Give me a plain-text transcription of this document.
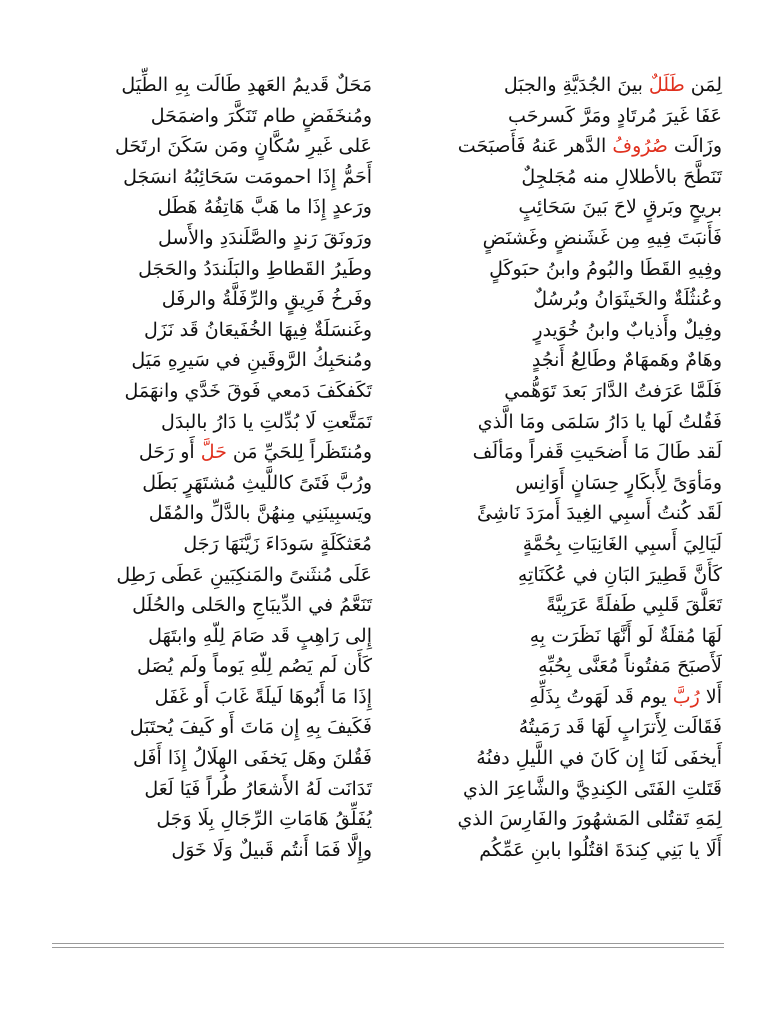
لِمَن طَلَلٌ بينَ الجُدَيَّةِ والجبَل
مَحَلٌ قَديمُ العَهدِ طَالَت بِهِ الطِّيَل
عَفَا غَيرَ مُرتَادٍ ومَرَّ كَسرحَب
ومُنخَفَضٍ طام تَنَكَّرَ واضمَحَل
وزَالَت صُرُوفُ الدَّهر عَنهُ فَأَصبَحَت
عَلى غَيرِ سُكَّانٍ ومَن سَكَنَ ارتَحَل
تَنَطَّحَ بالأطلالِ منه مُجَلجِلٌ
أَحَمُّ إِذَا احمومَت سَحَائِبُهُ انسَجَل
بريحٍ وبَرقٍ لاحَ بَينَ سَحَائِبٍ
ورَعدٍ إِذَا ما هَبَّ هَاتِفُهُ هَطَل
فَأَنبَتَ فِيهِ مِن غَشَنضٍ وغَشنَضٍ
ورَونَقَ رَندٍ والصَّلَندَدِ والأَسل
وفِيهِ القَطَا والبُومُ وابنُ حبَوكَلٍ
وطَيرُ القَطاطِ والبَلَندَدُ والحَجَل
وعُنثُلَةٌ والخَيثَوَانُ وبُرسُلٌ
وفَرخُ فَرِيقٍ والرِّفَلَّةُ والرفَل
وفِيلٌ وأَذيابٌ وابنُ خُوَيدرٍ
وغَنسَلَةٌ فِيهَا الخُفَيعَانُ قَد نَزَل
وهَامٌ وهَمهَامٌ وطَالِعُ أَنجُدٍ
ومُنحَبِكُ الرَّوقَينِ في سَيرِهِ مَيَل
فَلَمَّا عَرَفتُ الدَّارَ بَعدَ تَوَهُّمي
تَكَفكَفَ دَمعي فَوقَ خَدَّي وانهَمَل
فَقُلتُ لَها يا دَارُ سَلمَى ومَا الَّذي
تَمَتَّعتِ لَا بُدِّلتِ يا دَارُ بالبدَل
لَقد طَالَ مَا أَضحَيتِ قَفراً ومَألَف
ومُنتَظَراً لِلحَيِّ مَن حَلَّ أَو رَحَل
ومَأوَىً لِأَبكَارٍ حِسَانٍ أَوَانِس
ورُبَّ فَتَىً كاللَّيثِ مُشتَهَرٍ بَطَل
لَقَد كُنتُ أَسبِي الغِيدَ أَمرَدَ نَاشِئً
ويَسبِينَنِي مِنهُنَّ بالدَّلِّ والمُقَل
لَيَالِيَ أَسبِي الغَانِيَاتِ بِحُمَّةٍ
مُعَثكَلَةٍ سَودَاءَ زَيَّنَهَا رَجَل
كَأَنَّ قَطِيرَ البَانِ في عُكَنَاتِهِ
عَلَى مُنثَنىً والمَنكِبَينِ عَطَى رَطِل
تَعَلَّقَ قَلبِي طَفلَةً عَرَبِيَّةً
تَنَعَّمُ في الدِّيبَاجِ والحَلى والحُلَل
لَهَا مُقلَةٌ لَو أَنَّهَا نَظَرَت بِهِ
إِلى رَاهِبٍ قَد صَامَ لِلّهِ وابتَهَل
لَأَصبَحَ مَفتُوناً مُعَنَّى بِحُبِّهِ
كَأَن لَم يَصُم لِلّهِ يَوماً ولَم يُصَل
أَلا رُبَّ يوم قَد لَهَوتُ بِذَلِّهِ
إِذَا مَا أَبُوهَا لَيلَةً غَابَ أَو غَفَل
فَقَالَت لِأَترَابٍ لَهَا قَد رَمَيتُهُ
فَكَيفَ بِهِ إِن مَاتَ أَو كَيفَ يُحتَبَل
أَيخفَى لَنَا إِن كَانَ في اللَّيلِ دفنُهُ
فَقُلنَ وهَل يَخفَى الهِلَالُ إِذَا أَفَل
قَتَلتِ الفَتَى الكِندِيَّ والشَّاعِرَ الذي
تَدَانَت لَهُ الأَشعَارُ طُراً فَيَا لَعَل
لِمَهِ تَقتُلى المَشهُورَ والفَارِسَ الذي
يُفَلِّقُ هَامَاتِ الرِّجَالِ بِلَا وَجَل
أَلَا يا بَنِي كِندَةَ اقتُلُوا بابنِ عَمِّكُم
وإِلَّا فَمَا أَنتُم قَبيلٌ وَلَا خَوَل
